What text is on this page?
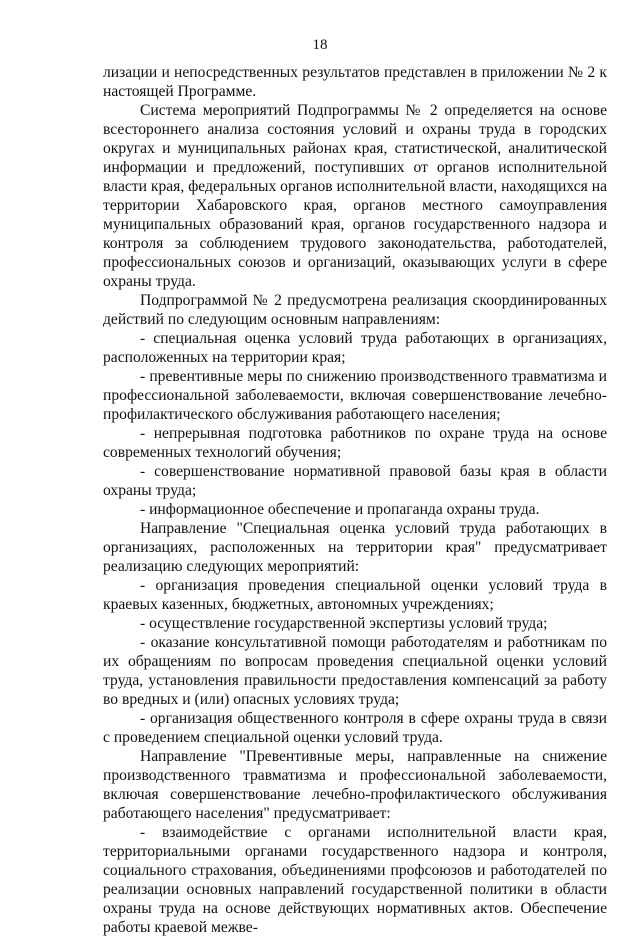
18

лизации и непосредственных результатов представлен в приложении № 2 к настоящей Программе.

Система мероприятий Подпрограммы № 2 определяется на основе всестороннего анализа состояния условий и охраны труда в городских округах и муниципальных районах края, статистической, аналитической информации и предложений, поступивших от органов исполнительной власти края, федеральных органов исполнительной власти, находящихся на территории Хабаровского края, органов местного самоуправления муниципальных образований края, органов государственного надзора и контроля за соблюдением трудового законодательства, работодателей, профессиональных союзов и организаций, оказывающих услуги в сфере охраны труда.

Подпрограммой № 2 предусмотрена реализация скоординированных действий по следующим основным направлениям:

- специальная оценка условий труда работающих в организациях, расположенных на территории края;

- превентивные меры по снижению производственного травматизма и профессиональной заболеваемости, включая совершенствование лечебно-профилактического обслуживания работающего населения;

- непрерывная подготовка работников по охране труда на основе современных технологий обучения;

- совершенствование нормативной правовой базы края в области охраны труда;

- информационное обеспечение и пропаганда охраны труда.

Направление "Специальная оценка условий труда работающих в организациях, расположенных на территории края" предусматривает реализацию следующих мероприятий:

- организация проведения специальной оценки условий труда в краевых казенных, бюджетных, автономных учреждениях;

- осуществление государственной экспертизы условий труда;

- оказание консультативной помощи работодателям и работникам по их обращениям по вопросам проведения специальной оценки условий труда, установления правильности предоставления компенсаций за работу во вредных и (или) опасных условиях труда;

- организация общественного контроля в сфере охраны труда в связи с проведением специальной оценки условий труда.

Направление "Превентивные меры, направленные на снижение производственного травматизма и профессиональной заболеваемости, включая совершенствование лечебно-профилактического обслуживания работающего населения" предусматривает:

- взаимодействие с органами исполнительной власти края, территориальными органами государственного надзора и контроля, социального страхования, объединениями профсоюзов и работодателей по реализации основных направлений государственной политики в области охраны труда на основе действующих нормативных актов. Обеспечение работы краевой межве-
